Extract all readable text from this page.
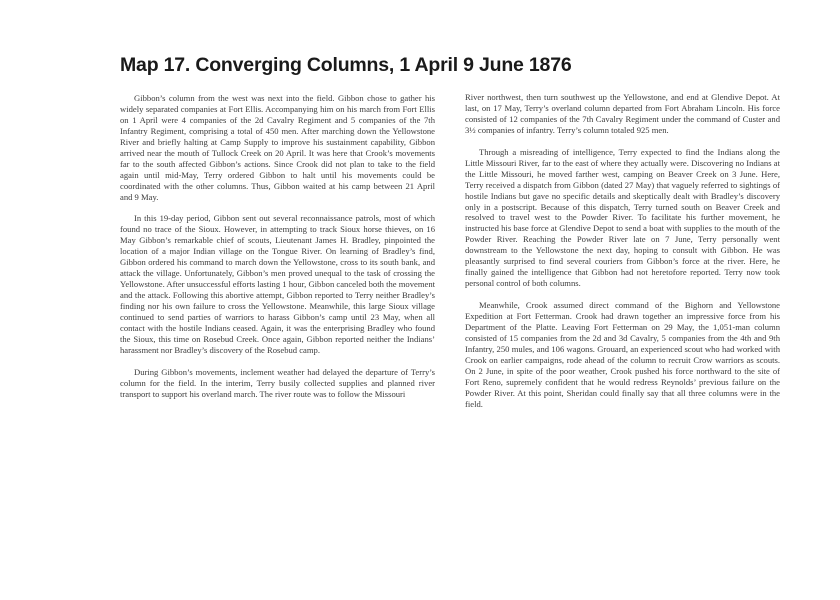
Map 17. Converging Columns, 1 April 9 June 1876

Gibbon’s column from the west was next into the field. Gibbon chose to gather his widely separated companies at Fort Ellis. Accompanying him on his march from Fort Ellis on 1 April were 4 companies of the 2d Cavalry Regiment and 5 companies of the 7th Infantry Regiment, comprising a total of 450 men. After marching down the Yellowstone River and briefly halting at Camp Supply to improve his sustainment capability, Gibbon arrived near the mouth of Tullock Creek on 20 April. It was here that Crook’s movements far to the south affected Gibbon’s actions. Since Crook did not plan to take to the field again until mid-May, Terry ordered Gibbon to halt until his movements could be coordinated with the other columns. Thus, Gibbon waited at his camp between 21 April and 9 May.

In this 19-day period, Gibbon sent out several reconnaissance patrols, most of which found no trace of the Sioux. However, in attempting to track Sioux horse thieves, on 16 May Gibbon’s remarkable chief of scouts, Lieutenant James H. Bradley, pinpointed the location of a major Indian village on the Tongue River. On learning of Bradley’s find, Gibbon ordered his command to march down the Yellowstone, cross to its south bank, and attack the village. Unfortunately, Gibbon’s men proved unequal to the task of crossing the Yellowstone. After unsuccessful efforts lasting 1 hour, Gibbon canceled both the movement and the attack. Following this abortive attempt, Gibbon reported to Terry neither Bradley’s finding nor his own failure to cross the Yellowstone. Meanwhile, this large Sioux village continued to send parties of warriors to harass Gibbon’s camp until 23 May, when all contact with the hostile Indians ceased. Again, it was the enterprising Bradley who found the Sioux, this time on Rosebud Creek. Once again, Gibbon reported neither the Indians’ harassment nor Bradley’s discovery of the Rosebud camp.

During Gibbon’s movements, inclement weather had delayed the departure of Terry’s column for the field. In the interim, Terry busily collected supplies and planned river transport to support his overland march. The river route was to follow the Missouri

River northwest, then turn southwest up the Yellowstone, and end at Glendive Depot. At last, on 17 May, Terry’s overland column departed from Fort Abraham Lincoln. His force consisted of 12 companies of the 7th Cavalry Regiment under the command of Custer and 3½ companies of infantry. Terry’s column totaled 925 men.

Through a misreading of intelligence, Terry expected to find the Indians along the Little Missouri River, far to the east of where they actually were. Discovering no Indians at the Little Missouri, he moved farther west, camping on Beaver Creek on 3 June. Here, Terry received a dispatch from Gibbon (dated 27 May) that vaguely referred to sightings of hostile Indians but gave no specific details and skeptically dealt with Bradley’s discovery only in a postscript. Because of this dispatch, Terry turned south on Beaver Creek and resolved to travel west to the Powder River. To facilitate his further movement, he instructed his base force at Glendive Depot to send a boat with supplies to the mouth of the Powder River. Reaching the Powder River late on 7 June, Terry personally went downstream to the Yellowstone the next day, hoping to consult with Gibbon. He was pleasantly surprised to find several couriers from Gibbon’s force at the river. Here, he finally gained the intelligence that Gibbon had not heretofore reported. Terry now took personal control of both columns.

Meanwhile, Crook assumed direct command of the Bighorn and Yellowstone Expedition at Fort Fetterman. Crook had drawn together an impressive force from his Department of the Platte. Leaving Fort Fetterman on 29 May, the 1,051-man column consisted of 15 companies from the 2d and 3d Cavalry, 5 companies from the 4th and 9th Infantry, 250 mules, and 106 wagons. Grouard, an experienced scout who had worked with Crook on earlier campaigns, rode ahead of the column to recruit Crow warriors as scouts. On 2 June, in spite of the poor weather, Crook pushed his force northward to the site of Fort Reno, supremely confident that he would redress Reynolds’ previous failure on the Powder River. At this point, Sheridan could finally say that all three columns were in the field.
